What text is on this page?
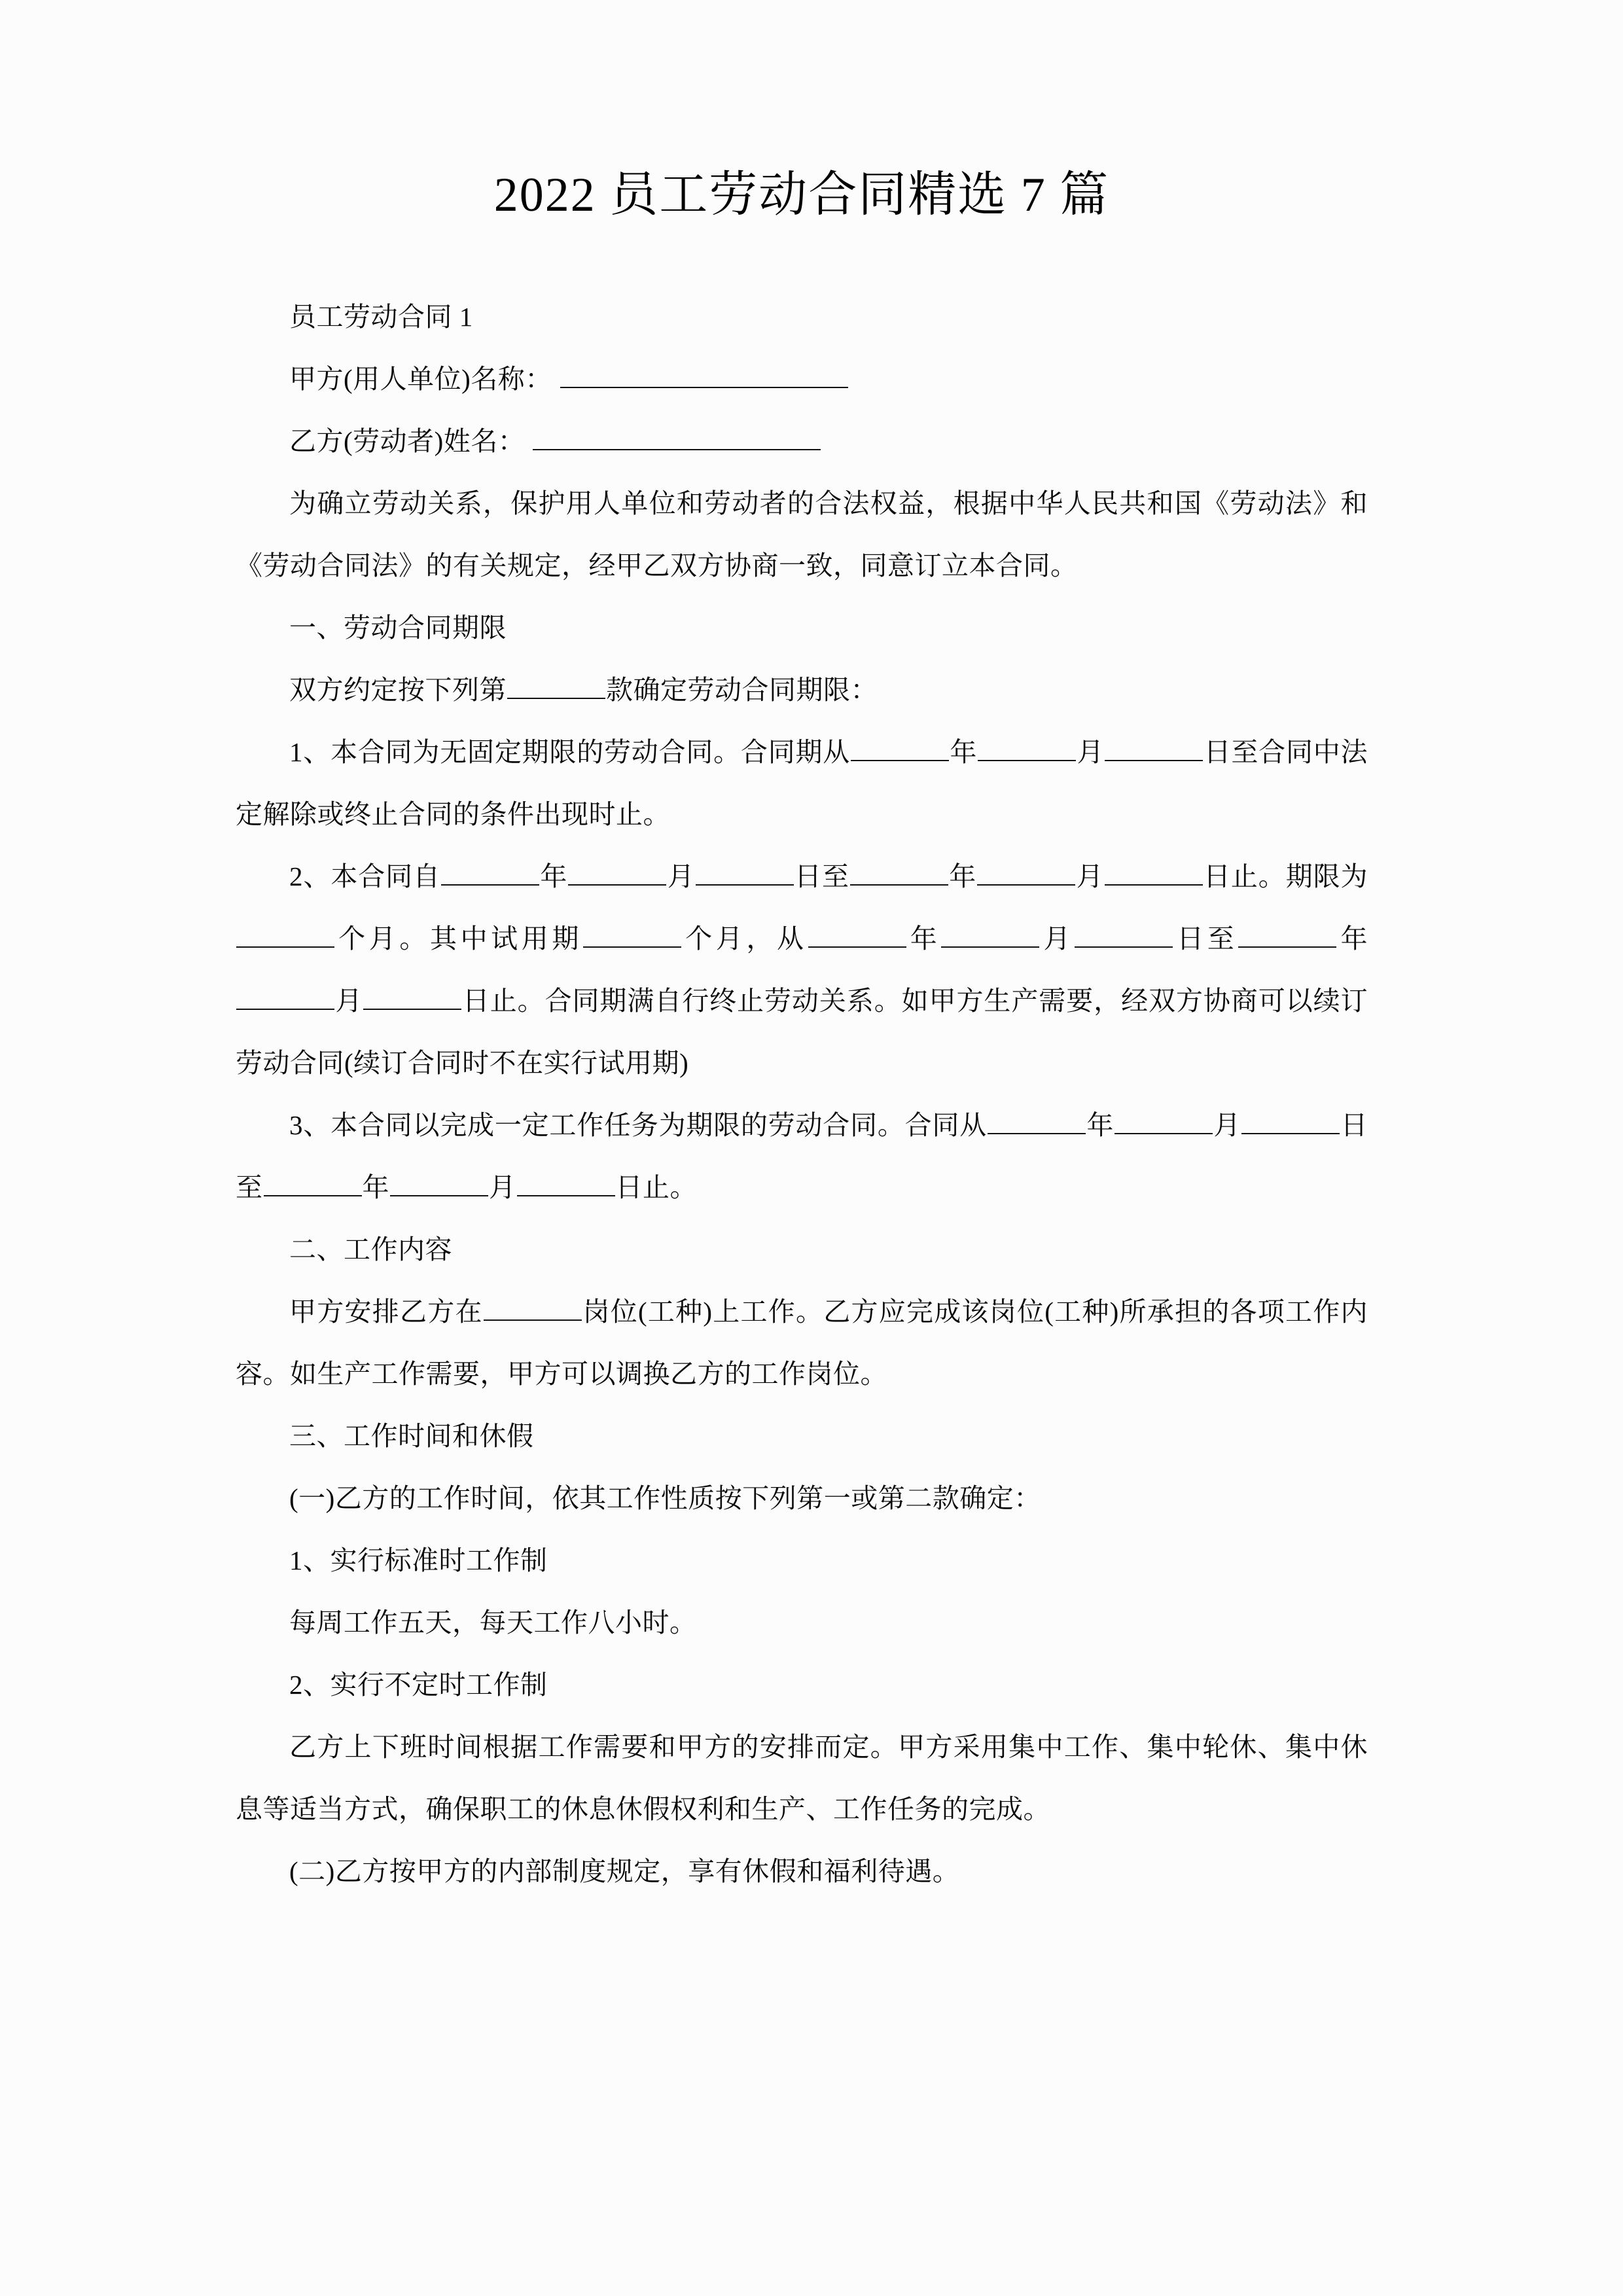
2022 员工劳动合同精选 7 篇

员工劳动合同 1

甲方(用人单位)名称：

乙方(劳动者)姓名：

为确立劳动关系，保护用人单位和劳动者的合法权益，根据中华人民共和国《劳动法》和《劳动合同法》的有关规定，经甲乙双方协商一致，同意订立本合同。

一、劳动合同期限

双方约定按下列第	款确定劳动合同期限：

1、本合同为无固定期限的劳动合同。合同期从	年	月	日至合同中法定解除或终止合同的条件出现时止。

2、本合同自	年	月	日至	年	月	日止。期限为个月。其中试用期	个月，从	年	月	日至	年月	日止。合同期满自行终止劳动关系。如甲方生产需要，经双方协商可以续订劳动合同(续订合同时不在实行试用期)

3、本合同以完成一定工作任务为期限的劳动合同。合同从	年	月	日至	年	月	日止。

二、工作内容

甲方安排乙方在	岗位(工种)上工作。乙方应完成该岗位(工种)所承担的各项工作内容。如生产工作需要，甲方可以调换乙方的工作岗位。

三、工作时间和休假

(一)乙方的工作时间，依其工作性质按下列第一或第二款确定：

1、实行标准时工作制

每周工作五天，每天工作八小时。

2、实行不定时工作制

乙方上下班时间根据工作需要和甲方的安排而定。甲方采用集中工作、集中轮休、集中休息等适当方式，确保职工的休息休假权利和生产、工作任务的完成。

(二)乙方按甲方的内部制度规定，享有休假和福利待遇。
